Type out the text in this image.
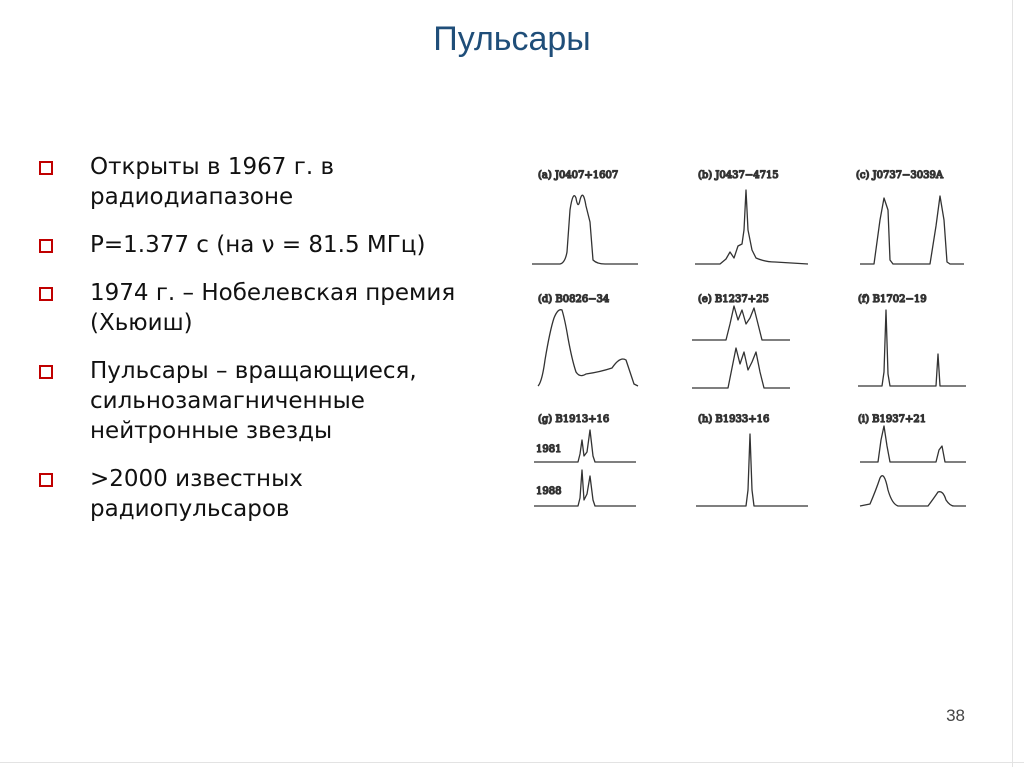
Пульсары
Открыты в 1967 г. в
радиодиапазоне
P=1.377 с (на ν = 81.5 МГц)
1974 г. – Нобелевская премия
(Хьюиш)
Пульсары – вращающиеся,
сильнозамагниченные
нейтронные звезды
>2000 известных
радиопульсаров
(a) J0407+1607	(b) J0437−4715	(c) J0737−3039A
(d) B0826−34	(e) B1237+25	(f) B1702−19
(g) B1913+16
1981
1988
(h) B1933+16	(i) B1937+21
38
